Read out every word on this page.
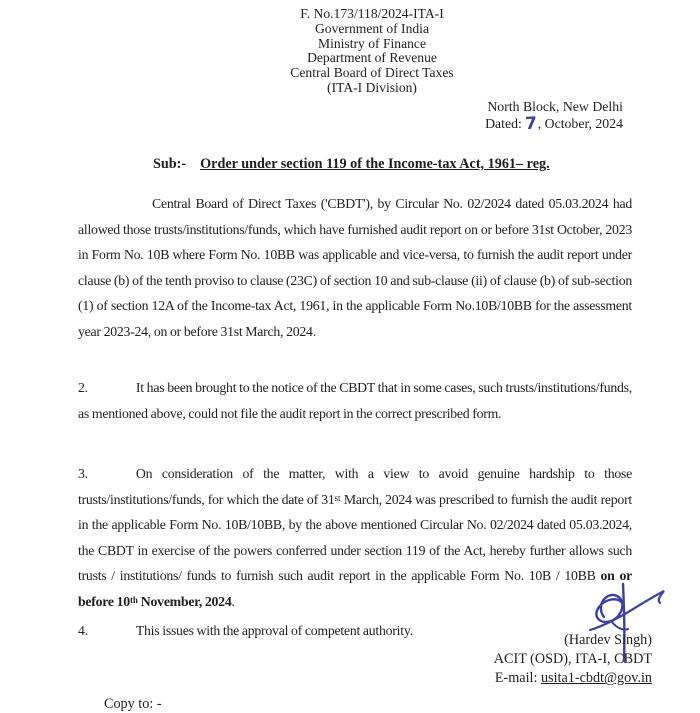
F. No.173/118/2024-ITA-I
Government of India
Ministry of Finance
Department of Revenue
Central Board of Direct Taxes
(ITA-I Division)
North Block, New Delhi
Dated: 7, October, 2024
Sub:- Order under section 119 of the Income-tax Act, 1961– reg.
Central Board of Direct Taxes ('CBDT'), by Circular No. 02/2024 dated 05.03.2024 had allowed those trusts/institutions/funds, which have furnished audit report on or before 31st October, 2023 in Form No. 10B where Form No. 10BB was applicable and vice-versa, to furnish the audit report under clause (b) of the tenth proviso to clause (23C) of section 10 and sub-clause (ii) of clause (b) of sub-section (1) of section 12A of the Income-tax Act, 1961, in the applicable Form No.10B/10BB for the assessment year 2023-24, on or before 31st March, 2024.
2.	It has been brought to the notice of the CBDT that in some cases, such trusts/institutions/funds, as mentioned above, could not file the audit report in the correct prescribed form.
3.	On consideration of the matter, with a view to avoid genuine hardship to those trusts/institutions/funds, for which the date of 31st March, 2024 was prescribed to furnish the audit report in the applicable Form No. 10B/10BB, by the above mentioned Circular No. 02/2024 dated 05.03.2024, the CBDT in exercise of the powers conferred under section 119 of the Act, hereby further allows such trusts / institutions/ funds to furnish such audit report in the applicable Form No. 10B / 10BB on or before 10th November, 2024.
4.	This issues with the approval of competent authority.
(Hardev Singh)
ACIT (OSD), ITA-I, CBDT
E-mail: usita1-cbdt@gov.in
Copy to: -
